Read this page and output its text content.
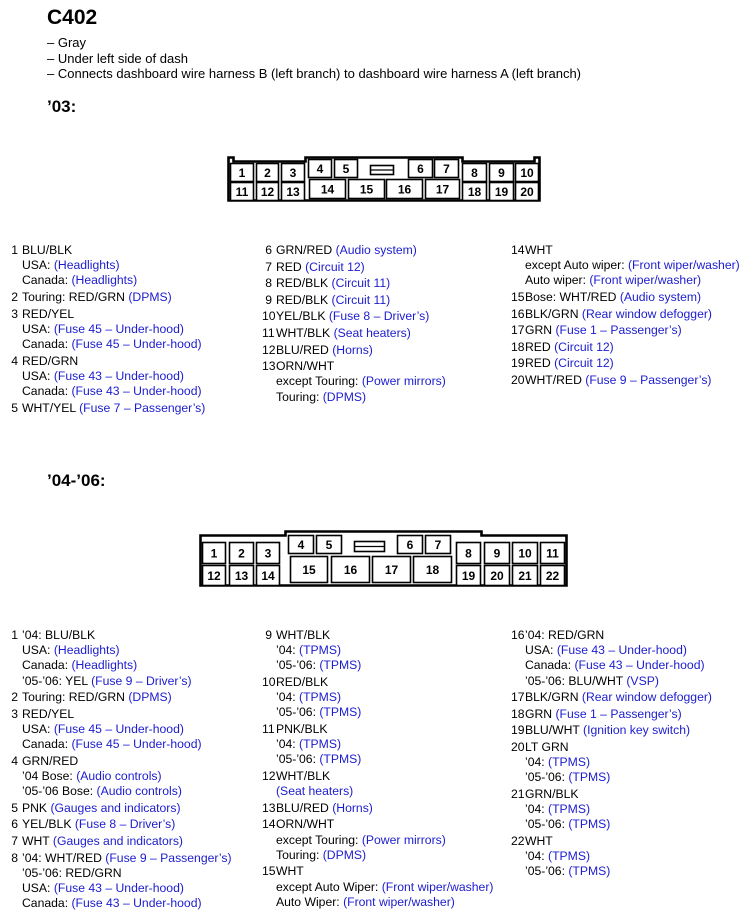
C402
– Gray
– Under left side of dash
– Connects dashboard wire harness B (left branch) to dashboard wire harness A (left branch)
’03:
1 2 3 4 5	6 7 8 9 10
11 12 13 14 15 16 17 18 19 20
1 BLU/BLK
USA: (Headlights)
Canada: (Headlights)
2 Touring: RED/GRN (DPMS)
3 RED/YEL
USA: (Fuse 45 – Under-hood)
Canada: (Fuse 45 – Under-hood)
4 RED/GRN
USA: (Fuse 43 – Under-hood)
Canada: (Fuse 43 – Under-hood)
5 WHT/YEL (Fuse 7 – Passenger’s)
6 GRN/RED (Audio system)
7 RED (Circuit 12)
8 RED/BLK (Circuit 11)
9 RED/BLK (Circuit 11)
10 YEL/BLK (Fuse 8 – Driver’s)
11 WHT/BLK (Seat heaters)
12 BLU/RED (Horns)
13 ORN/WHT
except Touring: (Power mirrors)
Touring: (DPMS)
14 WHT
except Auto wiper: (Front wiper/washer)
Auto wiper: (Front wiper/washer)
15 Bose: WHT/RED (Audio system)
16 BLK/GRN (Rear window defogger)
17 GRN (Fuse 1 – Passenger’s)
18 RED (Circuit 12)
19 RED (Circuit 12)
20 WHT/RED (Fuse 9 – Passenger’s)
’04-’06:
1 2 3
4 5	6 7
8 9 10 11
12 13 14 15 16 17 18 19 20 21 22
1 ’04: BLU/BLK
USA: (Headlights)
Canada: (Headlights)
’05-’06: YEL (Fuse 9 – Driver’s)
2 Touring: RED/GRN (DPMS)
3 RED/YEL
USA: (Fuse 45 – Under-hood)
Canada: (Fuse 45 – Under-hood)
4 GRN/RED
’04 Bose: (Audio controls)
’05-’06 Bose: (Audio controls)
5 PNK (Gauges and indicators)
6 YEL/BLK (Fuse 8 – Driver’s)
7 WHT (Gauges and indicators)
8 ’04: WHT/RED (Fuse 9 – Passenger’s)
’05-’06: RED/GRN
USA: (Fuse 43 – Under-hood)
Canada: (Fuse 43 – Under-hood)
9 WHT/BLK
’04: (TPMS)
’05-’06: (TPMS)
10 RED/BLK
’04: (TPMS)
’05-’06: (TPMS)
11 PNK/BLK
’04: (TPMS)
’05-’06: (TPMS)
12 WHT/BLK
(Seat heaters)
13 BLU/RED (Horns)
14 ORN/WHT
except Touring: (Power mirrors)
Touring: (DPMS)
15 WHT
except Auto Wiper: (Front wiper/washer)
Auto Wiper: (Front wiper/washer)
16 ’04: RED/GRN
USA: (Fuse 43 – Under-hood)
Canada: (Fuse 43 – Under-hood)
’05-’06: BLU/WHT (VSP)
17 BLK/GRN (Rear window defogger)
18 GRN (Fuse 1 – Passenger’s)
19 BLU/WHT (Ignition key switch)
20 LT GRN
’04: (TPMS)
’05-’06: (TPMS)
21 GRN/BLK
’04: (TPMS)
’05-’06: (TPMS)
22 WHT
’04: (TPMS)
’05-’06: (TPMS)
